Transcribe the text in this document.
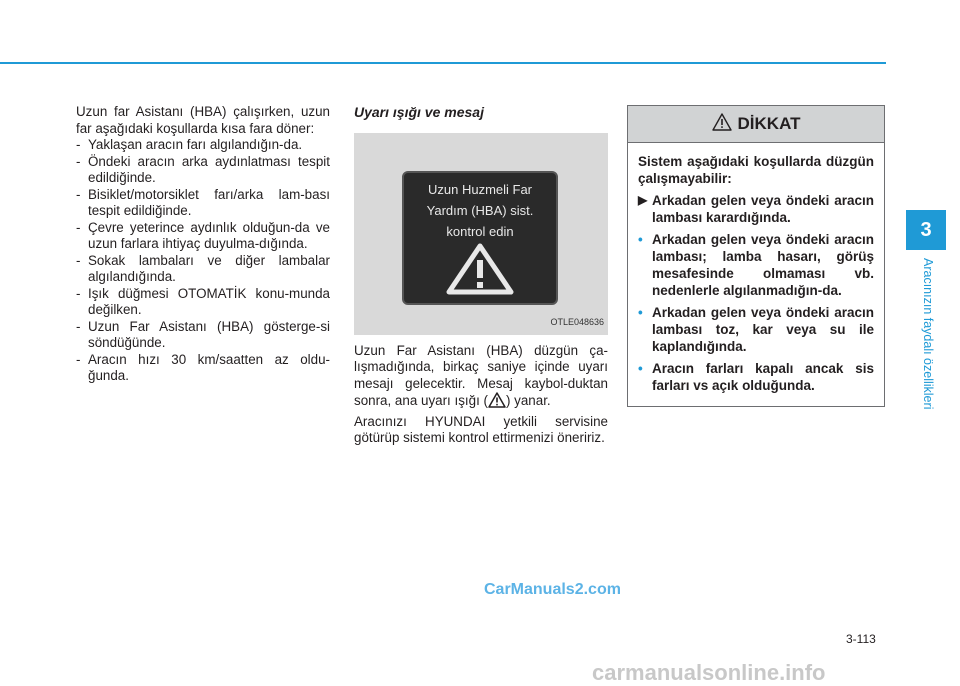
Uzun far Asistanı (HBA) çalışırken, uzun far aşağıdaki koşullarda kısa fara döner:

- Yaklaşan aracın farı algılandığın-da.
- Öndeki aracın arka aydınlatması tespit edildiğinde.
- Bisiklet/motorsiklet farı/arka lam-bası tespit edildiğinde.
- Çevre yeterince aydınlık olduğun-da ve uzun farlara ihtiyaç duyulma-dığında.
- Sokak lambaları ve diğer lambalar algılandığında.
- Işık düğmesi OTOMATİK konu-munda değilken.
- Uzun Far Asistanı (HBA) gösterge-si söndüğünde.
- Aracın hızı 30 km/saatten az oldu-ğunda.
Uyarı ışığı ve mesaj
Uzun Huzmeli Far
Yardım (HBA) sist.
kontrol edin
OTLE048636

Uzun Far Asistanı (HBA) düzgün ça-lışmadığında, birkaç saniye içinde uyarı mesajı gelecektir. Mesaj kaybol-duktan sonra, ana uyarı ışığı ( ) yanar.

Aracınızı HYUNDAI yetkili servisine götürüp sistemi kontrol ettirmenizi öneririz.

DİKKAT

Sistem aşağıdaki koşullarda düzgün çalışmayabilir:

▶ Arkadan gelen veya öndeki aracın lambası karardığında.
• Arkadan gelen veya öndeki aracın lambası; lamba hasarı, görüş mesafesinde olmaması vb. nedenlerle algılanmadığın-da.
• Arkadan gelen veya öndeki aracın lambası toz, kar veya su ile kaplandığında.
• Aracın farları kapalı ancak sis farları vs açık olduğunda.
3
Aracınızın faydalı özellikleri
CarManuals2.com
3-113
carmanualsonline.info
